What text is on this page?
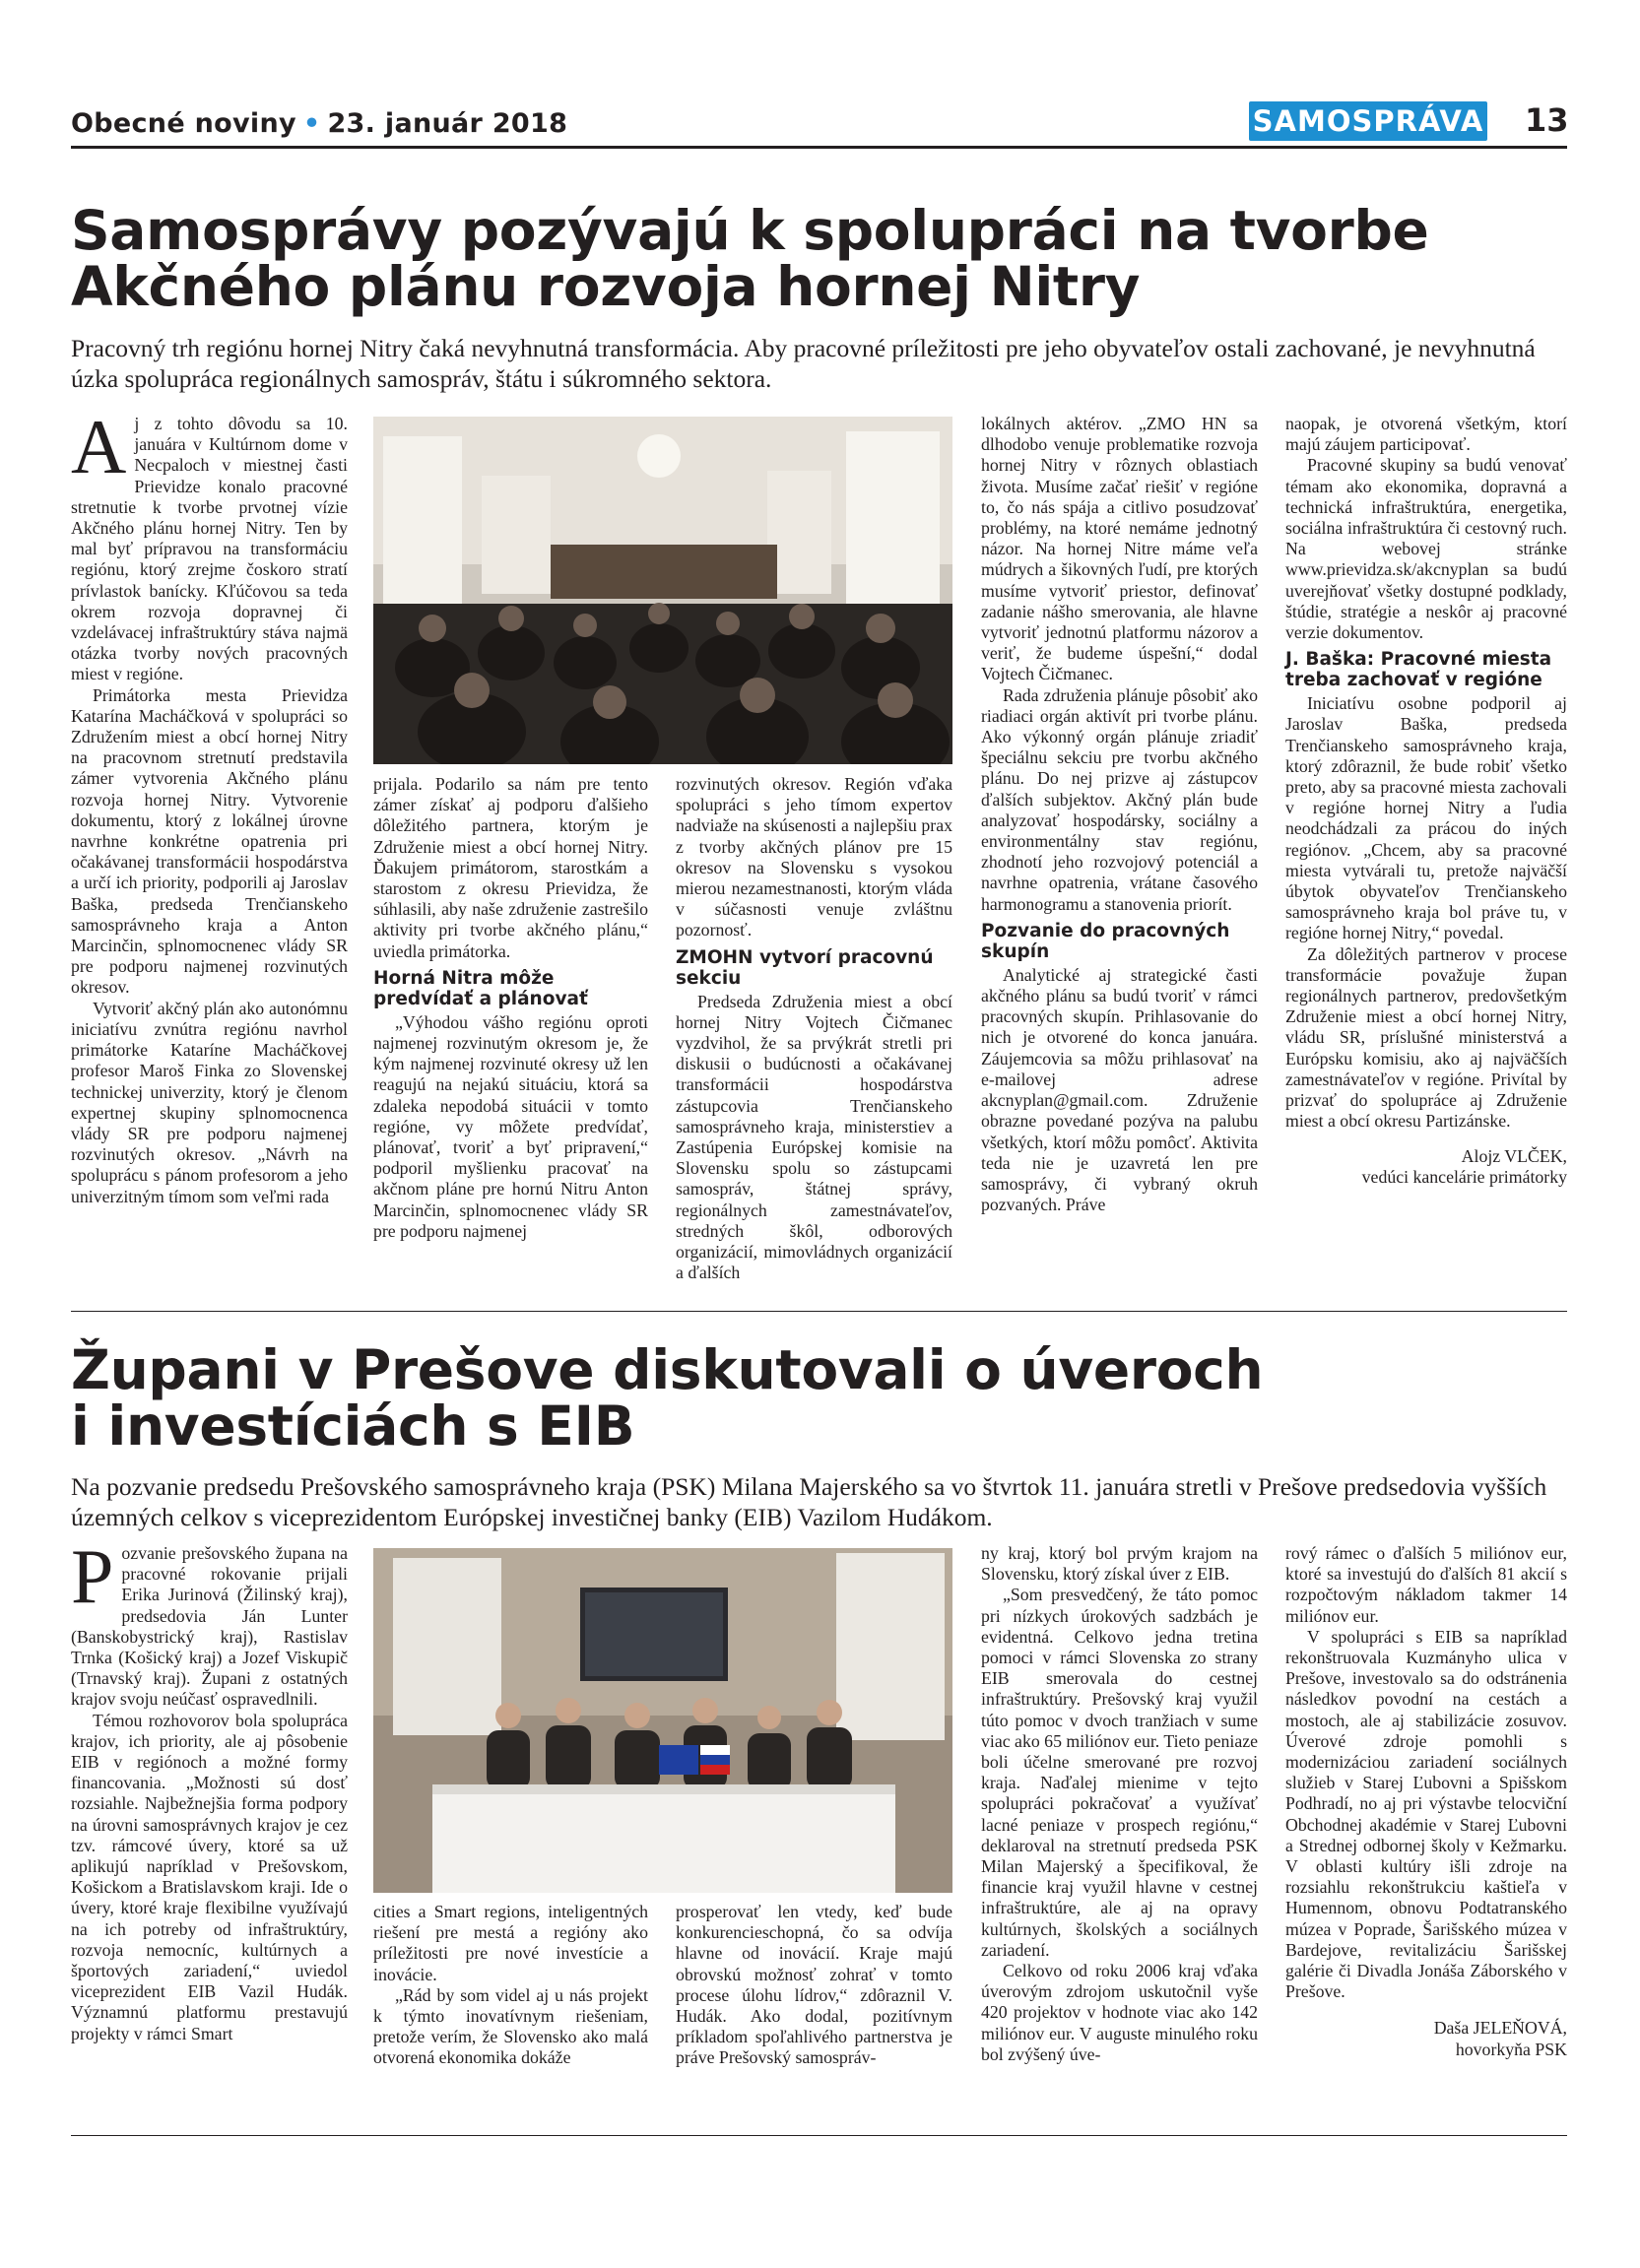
Obecné noviny • 23. január 2018	SAMOSPRÁVA 13
Samosprávy pozývajú k spolupráci na tvorbe Akčného plánu rozvoja hornej Nitry

Pracovný trh regiónu hornej Nitry čaká nevyhnutná transformácia. Aby pracovné príležitosti pre jeho obyvateľov ostali zachované, je nevyhnutná úzka spolupráca regionálnych samospráv, štátu i súkromného sektora.

A j z tohto dôvodu sa 10. januára v Kultúrnom dome v Necpaloch v miestnej časti Prievidze konalo pracovné stretnutie k tvorbe prvotnej vízie Akčného plánu hornej Nitry. Ten by mal byť prípravou na transformáciu regiónu, ktorý zrejme čoskoro stratí prívlastok banícky. Kľúčovou sa teda okrem rozvoja dopravnej či vzdelávacej infraštruktúry stáva najmä otázka tvorby nových pracovných miest v regióne.

Primátorka mesta Prievidza Katarína Macháčková v spolupráci so Združením miest a obcí hornej Nitry na pracovnom stretnutí predstavila zámer vytvorenia Akčného plánu rozvoja hornej Nitry. Vytvorenie dokumentu, ktorý z lokálnej úrovne navrhne konkrétne opatrenia pri očakávanej transformácii hospodárstva a určí ich priority, podporili aj Jaroslav Baška, predseda Trenčianskeho samosprávneho kraja a Anton Marcinčin, splnomocnenec vlády SR pre podporu najmenej rozvinutých okresov.

Vytvoriť akčný plán ako autonómnu iniciatívu zvnútra regiónu navrhol primátorke Kataríne Macháčkovej profesor Maroš Finka zo Slovenskej technickej univerzity, ktorý je členom expertnej skupiny splnomocnenca vlády SR pre podporu najmenej rozvinutých okresov. „Návrh na spoluprácu s pánom profesorom a jeho univerzitným tímom som veľmi rada

prijala. Podarilo sa nám pre tento zámer získať aj podporu ďalšieho dôležitého partnera, ktorým je Združenie miest a obcí hornej Nitry. Ďakujem primátorom, starostkám a starostom z okresu Prievidza, že súhlasili, aby naše združenie zastrešilo aktivity pri tvorbe akčného plánu,“ uviedla primátorka.

Horná Nitra môže predvídať a plánovať

„Výhodou vášho regiónu oproti najmenej rozvinutým okresom je, že kým najmenej rozvinuté okresy už len reagujú na nejakú situáciu, ktorá sa zdaleka nepodobá situácii v tomto regióne, vy môžete predvídať, plánovať, tvoriť a byť pripravení,“ podporil myšlienku pracovať na akčnom pláne pre hornú Nitru Anton Marcinčin, splnomocnenec vlády SR pre podporu najmenej

rozvinutých okresov. Región vďaka spolupráci s jeho tímom expertov nadviaže na skúsenosti a najlepšiu prax z tvorby akčných plánov pre 15 okresov na Slovensku s vysokou mierou nezamestnanosti, ktorým vláda v súčasnosti venuje zvláštnu pozornosť.

ZMOHN vytvorí pracovnú sekciu

Predseda Združenia miest a obcí hornej Nitry Vojtech Čičmanec vyzdvihol, že sa prvýkrát stretli pri diskusii o budúcnosti a očakávanej transformácii hospodárstva zástupcovia Trenčianskeho samosprávneho kraja, ministerstiev a Zastúpenia Európskej komisie na Slovensku spolu so zástupcami samospráv, štátnej správy, regionálnych zamestnávateľov, stredných škôl, odborových organizácií, mimovládnych organizácií a ďalších

lokálnych aktérov. „ZMO HN sa dlhodobo venuje problematike rozvoja hornej Nitry v rôznych oblastiach života. Musíme začať riešiť v regióne to, čo nás spája a citlivo posudzovať problémy, na ktoré nemáme jednotný názor. Na hornej Nitre máme veľa múdrych a šikovných ľudí, pre ktorých musíme vytvoriť priestor, definovať zadanie nášho smerovania, ale hlavne vytvoriť jednotnú platformu názorov a veriť, že budeme úspešní,“ dodal Vojtech Čičmanec.

Rada združenia plánuje pôsobiť ako riadiaci orgán aktivít pri tvorbe plánu. Ako výkonný orgán plánuje zriadiť špeciálnu sekciu pre tvorbu akčného plánu. Do nej prizve aj zástupcov ďalších subjektov. Akčný plán bude analyzovať hospodársky, sociálny a environmentálny stav regiónu, zhodnotí jeho rozvojový potenciál a navrhne opatrenia, vrátane časového harmonogramu a stanovenia priorít.

Pozvanie do pracovných skupín

Analytické aj strategické časti akčného plánu sa budú tvoriť v rámci pracovných skupín. Prihlasovanie do nich je otvorené do konca januára. Záujemcovia sa môžu prihlasovať na e-mailovej adrese akcnyplan@gmail.com. Združenie obrazne povedané pozýva na palubu všetkých, ktorí môžu pomôcť. Aktivita teda nie je uzavretá len pre samosprávy, či vybraný okruh pozvaných. Práve

naopak, je otvorená všetkým, ktorí majú záujem participovať.

Pracovné skupiny sa budú venovať témam ako ekonomika, dopravná a technická infraštruktúra, energetika, sociálna infraštruktúra či cestovný ruch. Na webovej stránke www.prievidza.sk/akcnyplan sa budú uverejňovať všetky dostupné podklady, štúdie, stratégie a neskôr aj pracovné verzie dokumentov.

J. Baška: Pracovné miesta treba zachovať v regióne

Iniciatívu osobne podporil aj Jaroslav Baška, predseda Trenčianskeho samosprávneho kraja, ktorý zdôraznil, že bude robiť všetko preto, aby sa pracovné miesta zachovali v regióne hornej Nitry a ľudia neodchádzali za prácou do iných regiónov. „Chcem, aby sa pracovné miesta vytvárali tu, pretože najväčší úbytok obyvateľov Trenčianskeho samosprávneho kraja bol práve tu, v regióne hornej Nitry,“ povedal.

Za dôležitých partnerov v procese transformácie považuje župan regionálnych partnerov, predovšetkým Združenie miest a obcí hornej Nitry, vládu SR, príslušné ministerstvá a Európsku komisiu, ako aj najväčších zamestnávateľov v regióne. Privítal by prizvať do spolupráce aj Združenie miest a obcí okresu Partizánske.

Alojz VLČEK,

vedúci kancelárie primátorky

Župani v Prešove diskutovali o úveroch
i investíciách s EIB

Na pozvanie predsedu Prešovského samosprávneho kraja (PSK) Milana Majerského sa vo štvrtok 11. januára stretli v Prešove predsedovia vyšších územných celkov s viceprezidentom Európskej investičnej banky (EIB) Vazilom Hudákom.

P ozvanie prešovského župana na pracovné rokovanie prijali Erika Jurinová (Žilinský kraj), predsedovia Ján Lunter (Banskobystrický kraj), Rastislav Trnka (Košický kraj) a Jozef Viskupič (Trnavský kraj). Župani z ostatných krajov svoju neúčasť ospravedlnili.

Témou rozhovorov bola spolupráca krajov, ich priority, ale aj pôsobenie EIB v regiónoch a možné formy financovania. „Možnosti sú dosť rozsiahle. Najbežnejšia forma podpory na úrovni samosprávnych krajov je cez tzv. rámcové úvery, ktoré sa už aplikujú napríklad v Prešovskom, Košickom a Bratislavskom kraji. Ide o úvery, ktoré kraje flexibilne využívajú na ich potreby od infraštruktúry, rozvoja nemocníc, kultúrnych a športových zariadení,“ uviedol viceprezident EIB Vazil Hudák. Významnú platformu prestavujú projekty v rámci Smart

cities a Smart regions, inteligentných riešení pre mestá a regióny ako príležitosti pre nové investície a inovácie.

„Rád by som videl aj u nás projekt k týmto inovatívnym riešeniam, pretože verím, že Slovensko ako malá otvorená ekonomika dokáže

prosperovať len vtedy, keď bude konkurencieschopná, čo sa odvíja hlavne od inovácií. Kraje majú obrovskú možnosť zohrať v tomto procese úlohu lídrov,“ zdôraznil V. Hudák. Ako dodal, pozitívnym príkladom spoľahlivého partnerstva je práve Prešovský samospráv-

ny kraj, ktorý bol prvým krajom na Slovensku, ktorý získal úver z EIB.

„Som presvedčený, že táto pomoc pri nízkych úrokových sadzbách je evidentná. Celkovo jedna tretina pomoci v rámci Slovenska zo strany EIB smerovala do cestnej infraštruktúry. Prešovský kraj využil túto pomoc v dvoch tranžiach v sume viac ako 65 miliónov eur. Tieto peniaze boli účelne smerované pre rozvoj kraja. Naďalej mienime v tejto spolupráci pokračovať a využívať lacné peniaze v prospech regiónu,“ deklaroval na stretnutí predseda PSK Milan Majerský a špecifikoval, že financie kraj využil hlavne v cestnej infraštruktúre, ale aj na opravy kultúrnych, školských a sociálnych zariadení.

Celkovo od roku 2006 kraj vďaka úverovým zdrojom uskutočnil vyše 420 projektov v hodnote viac ako 142 miliónov eur. V auguste minulého roku bol zvýšený úve-

rový rámec o ďalších 5 miliónov eur, ktoré sa investujú do ďalších 81 akcií s rozpočtovým nákladom takmer 14 miliónov eur.

V spolupráci s EIB sa napríklad rekonštruovala Kuzmányho ulica v Prešove, investovalo sa do odstránenia následkov povodní na cestách a mostoch, ale aj stabilizácie zosuvov. Úverové zdroje pomohli s modernizáciou zariadení sociálnych služieb v Starej Ľubovni a Spišskom Podhradí, no aj pri výstavbe telocviční Obchodnej akadémie v Starej Ľubovni a Strednej odbornej školy v Kežmarku. V oblasti kultúry išli zdroje na rozsiahlu rekonštrukciu kaštieľa v Humennom, obnovu Podtatranského múzea v Poprade, Šarišského múzea v Bardejove, revitalizáciu Šarišskej galérie či Divadla Jonáša Záborského v Prešove.

Daša JELEŇOVÁ,

hovorkyňa PSK
